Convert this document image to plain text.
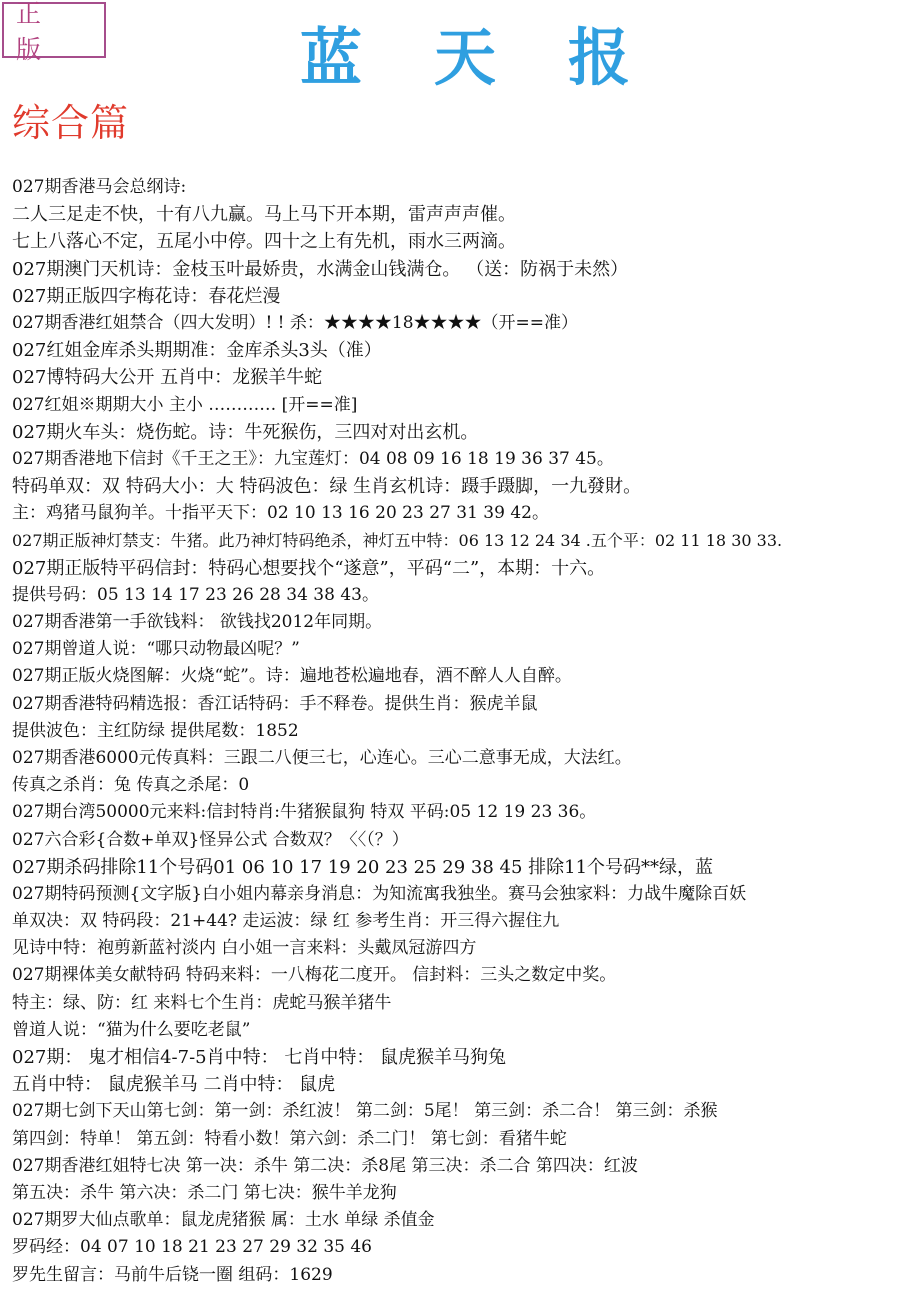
正 版	蓝 天 报
综合篇
027期香港马会总纲诗:
二人三足走不快，十有八九赢。马上马下开本期，雷声声声催。
七上八落心不定，五尾小中停。四十之上有先机，雨水三两滴。
027期澳门天机诗：金枝玉叶最娇贵，水满金山钱满仓。 （送：防祸于未然）
027期正版四字梅花诗：春花烂漫
027期香港红姐禁合（四大发明）! ! 杀：★★★★18★★★★（开==准）
027红姐金库杀头期期准：金库杀头3头（准）
027博特码大公开 五肖中：龙猴羊牛蛇
027红姐※期期大小 主小 ………… [开==准]
027期火车头：烧伤蛇。诗：牛死猴伤，三四对对出玄机。
027期香港地下信封《千王之王》：九宝莲灯：04 08 09 16 18 19 36 37 45。
特码单双：双 特码大小：大 特码波色：绿 生肖玄机诗：蹑手蹑脚，一九發財。
主：鸡猪马鼠狗羊。十指平天下：02 10 13 16 20 23 27 31 39 42。
027期正版神灯禁支：牛猪。此乃神灯特码绝杀，神灯五中特：06 13 12 24 34 .五个平：02 11 18 30 33.
027期正版特平码信封：特码心想要找个“遂意”，平码“二”，本期：十六。
提供号码：05 13 14 17 23 26 28 34 38 43。
027期香港第一手欲钱料： 欲钱找2012年同期。
027期曾道人说：“哪只动物最凶呢？”
027期正版火烧图解：火烧“蛇”。诗：遍地苍松遍地春，酒不醉人人自醉。
027期香港特码精选报：香江话特码：手不释卷。提供生肖：猴虎羊鼠
提供波色：主红防绿 提供尾数：1852
027期香港6000元传真料：三跟二八便三七，心连心。三心二意事无成，大法红。
传真之杀肖：兔 传真之杀尾：0
027期台湾50000元来料:信封特肖:牛猪猴鼠狗 特双 平码:05 12 19 23 36。
027六合彩{合数+单双}怪异公式 合数双？〈〈（？）
027期杀码排除11个号码01 06 10 17 19 20 23 25 29 38 45 排除11个号码**绿，蓝
027期特码预测{文字版}白小姐内幕亲身消息：为知流寓我独坐。赛马会独家料：力战牛魔除百妖
单双决：双 特码段：21+44? 走运波：绿 红 参考生肖：开三得六握住九
见诗中特：袍剪新蓝衬淡内 白小姐一言来料：头戴凤冠游四方
027期裸体美女献特码 特码来料：一八梅花二度开。 信封料：三头之数定中奖。
特主：绿、防：红 来料七个生肖：虎蛇马猴羊猪牛
曾道人说：“猫为什么要吃老鼠”
027期： 鬼才相信4-7-5肖中特： 七肖中特： 鼠虎猴羊马狗兔
五肖中特： 鼠虎猴羊马 二肖中特： 鼠虎
027期七剑下天山第七剑：第一剑：杀红波！ 第二剑：5尾！ 第三剑：杀二合！ 第三剑：杀猴
第四剑：特单！ 第五剑：特看小数！第六剑：杀二门！ 第七剑：看猪牛蛇
027期香港红姐特七决 第一决：杀牛 第二决：杀8尾 第三决：杀二合 第四决：红波
第五决：杀牛 第六决：杀二门 第七决：猴牛羊龙狗
027期罗大仙点歌单：鼠龙虎猪猴 属：土水 单绿 杀值金
罗码经：04 07 10 18 21 23 27 29 32 35 46
罗先生留言：马前牛后铙一圈 组码：1629
